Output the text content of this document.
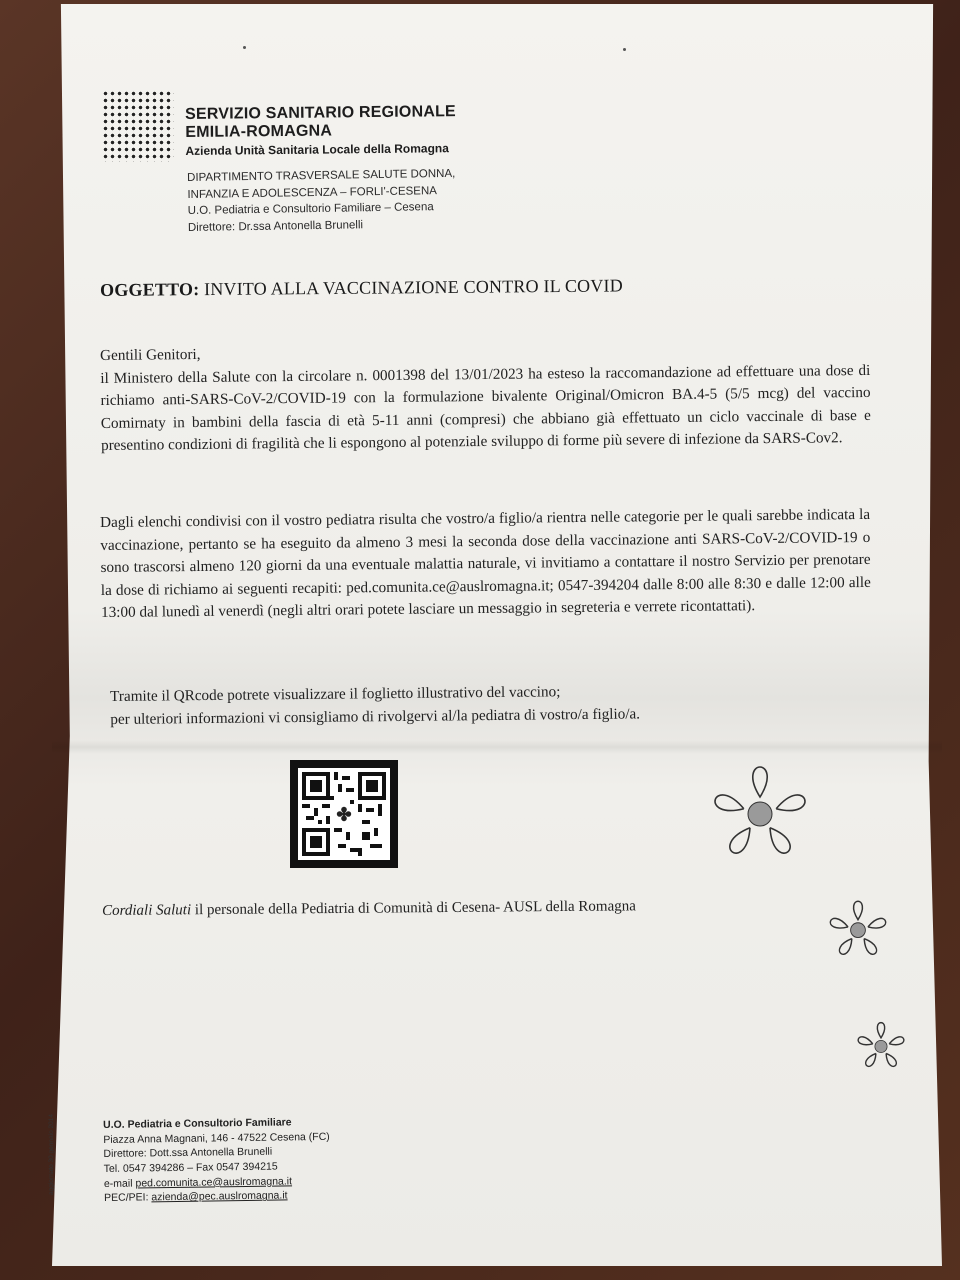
SERVIZIO SANITARIO REGIONALE
EMILIA-ROMAGNA
Azienda Unità Sanitaria Locale della Romagna
DIPARTIMENTO TRASVERSALE SALUTE DONNA,
INFANZIA E ADOLESCENZA – FORLI'-CESENA
U.O. Pediatria e Consultorio Familiare – Cesena
Direttore: Dr.ssa Antonella Brunelli
OGGETTO: INVITO ALLA VACCINAZIONE CONTRO IL COVID
Gentili Genitori,
il Ministero della Salute con la circolare n. 0001398 del 13/01/2023 ha esteso la raccomandazione ad effettuare una dose di richiamo anti-SARS-CoV-2/COVID-19 con la formulazione bivalente Original/Omicron BA.4-5 (5/5 mcg) del vaccino Comirnaty in bambini della fascia di età 5-11 anni (compresi) che abbiano già effettuato un ciclo vaccinale di base e presentino condizioni di fragilità che li espongono al potenziale sviluppo di forme più severe di infezione da SARS-Cov2.
Dagli elenchi condivisi con il vostro pediatra risulta che vostro/a figlio/a rientra nelle categorie per le quali sarebbe indicata la vaccinazione, pertanto se ha eseguito da almeno 3 mesi la seconda dose della vaccinazione anti SARS-CoV-2/COVID-19 o sono trascorsi almeno 120 giorni da una eventuale malattia naturale, vi invitiamo a contattare il nostro Servizio per prenotare la dose di richiamo ai seguenti recapiti: ped.comunita.ce@auslromagna.it; 0547-394204 dalle 8:00 alle 8:30 e dalle 12:00 alle 13:00 dal lunedì al venerdì (negli altri orari potete lasciare un messaggio in segreteria e verrete ricontattati).
Tramite il QRcode potrete visualizzare il foglietto illustrativo del vaccino;
per ulteriori informazioni vi consigliamo di rivolgervi al/la pediatra di vostro/a figlio/a.
Cordiali Saluti il personale della Pediatria di Comunità di Cesena- AUSL della Romagna
aggiornato 30 gennaio 2014	U.O. Pediatria e Consultorio Familiare
Piazza Anna Magnani, 146 - 47522 Cesena (FC)
Direttore: Dott.ssa Antonella Brunelli
Tel. 0547 394286 – Fax 0547 394215
e-mail ped.comunita.ce@auslromagna.it
PEC/PEI: azienda@pec.auslromagna.it
